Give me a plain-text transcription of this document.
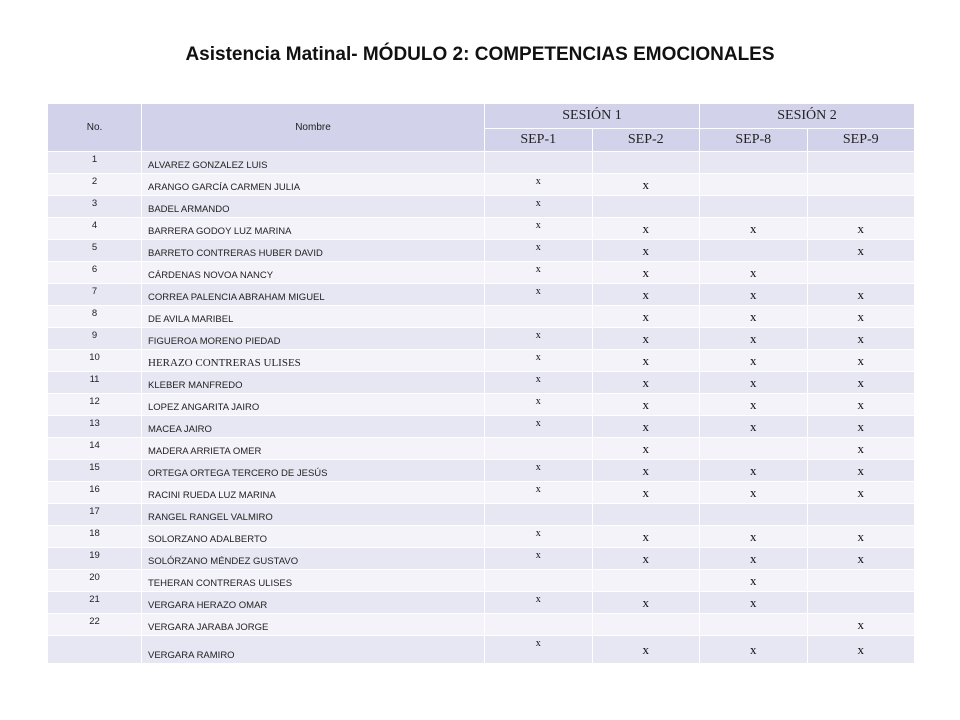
Asistencia Matinal- MÓDULO 2: COMPETENCIAS EMOCIONALES
No.	Nombre	SESIÓN 1		SESIÓN 2	
		SEP-1	SEP-2	SEP-8	SEP-9
1	ALVAREZ GONZALEZ LUIS				
2	ARANGO GARCÍA CARMEN JULIA	x	x		
3	BADEL ARMANDO	x			
4	BARRERA GODOY LUZ MARINA	x	x	x	x
5	BARRETO CONTRERAS HUBER DAVID	x	x		x
6	CÁRDENAS NOVOA NANCY	x	x	x	
7	CORREA PALENCIA ABRAHAM MIGUEL	x	x	x	x
8	DE AVILA MARIBEL		x	x	x
9	FIGUEROA MORENO PIEDAD	x	x	x	x
10	HERAZO CONTRERAS ULISES	x	x	x	x
11	KLEBER MANFREDO	x	x	x	x
12	LOPEZ ANGARITA JAIRO	x	x	x	x
13	MACEA JAIRO	x	x	x	x
14	MADERA ARRIETA OMER		x		x
15	ORTEGA ORTEGA TERCERO DE JESÚS	x	x	x	x
16	RACINI RUEDA LUZ MARINA	x	x	x	x
17	RANGEL RANGEL VALMIRO				
18	SOLORZANO ADALBERTO	x	x	x	x
19	SOLÓRZANO MÉNDEZ GUSTAVO	x	x	x	x
20	TEHERAN CONTRERAS ULISES			x	
21	VERGARA HERAZO OMAR	x	x	x	
22	VERGARA JARABA JORGE				x
	VERGARA RAMIRO	x	x	x	x
